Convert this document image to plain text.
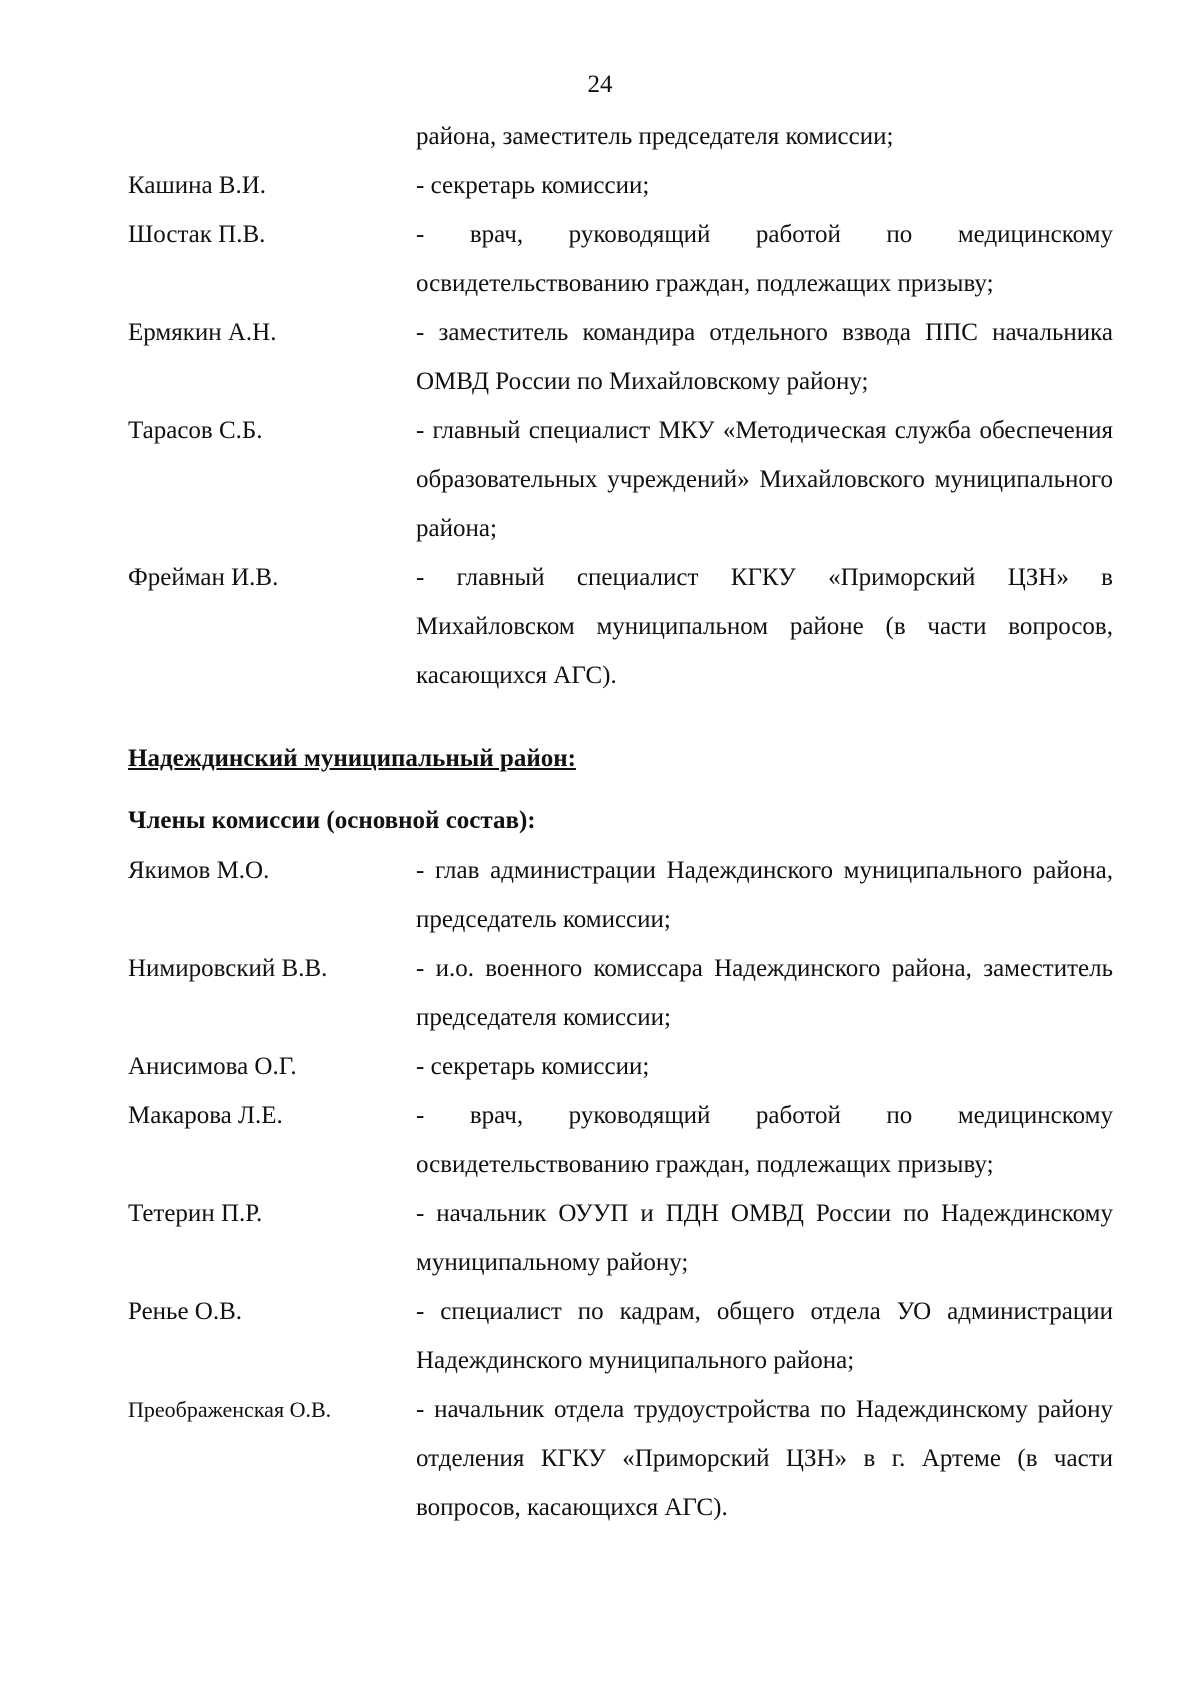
24
района, заместитель председателя комиссии;
Кашина В.И.	- секретарь комиссии;
Шостак П.В.	- врач, руководящий работой по медицинскому освидетельствованию граждан, подлежащих призыву;
Ермякин А.Н.	- заместитель командира отдельного взвода ППС начальника ОМВД России по Михайловскому району;
Тарасов С.Б.	- главный специалист МКУ «Методическая служба обеспечения образовательных учреждений» Михайловского муниципального района;
Фрейман И.В.	- главный специалист КГКУ «Приморский ЦЗН» в Михайловском муниципальном районе (в части вопросов, касающихся АГС).
Надеждинский муниципальный район:
Члены комиссии (основной состав):
Якимов М.О.	- глав администрации Надеждинского муниципального района, председатель комиссии;
Нимировский В.В.	- и.о. военного комиссара Надеждинского района, заместитель председателя комиссии;
Анисимова О.Г.	- секретарь комиссии;
Макарова Л.Е.	- врач, руководящий работой по медицинскому освидетельствованию граждан, подлежащих призыву;
Тетерин П.Р.	- начальник ОУУП и ПДН ОМВД России по Надеждинскому муниципальному району;
Ренье О.В.	- специалист по кадрам, общего отдела УО администрации Надеждинского муниципального района;
Преображенская О.В.	- начальник отдела трудоустройства по Надеждинскому району отделения КГКУ «Приморский ЦЗН» в г. Артеме (в части вопросов, касающихся АГС).
